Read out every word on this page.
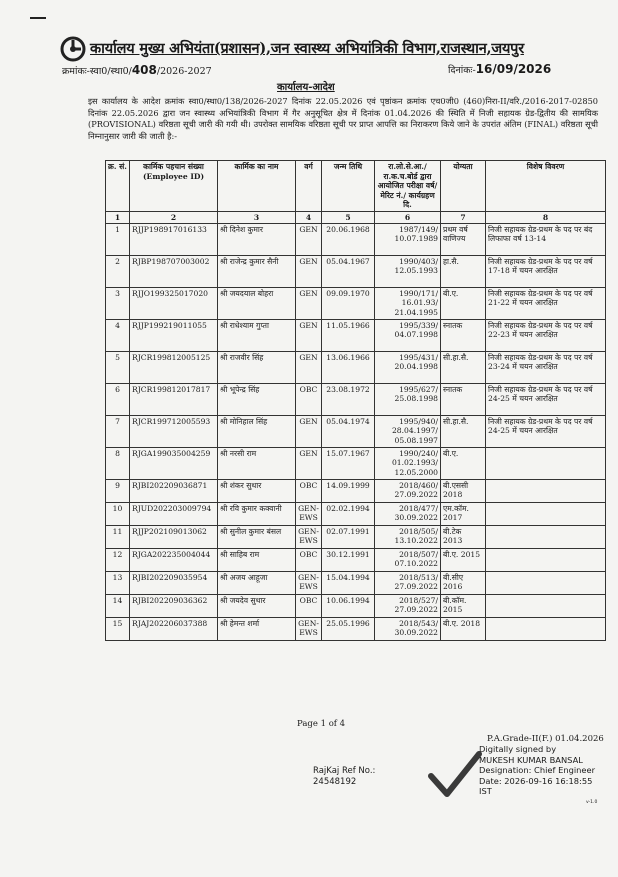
कार्यालय मुख्य अभियंता(प्रशासन),जन स्वास्थ्य अभियांत्रिकी विभाग,राजस्थान,जयपुर
क्रमांकः-स्वा0/स्था0/408/2026-2027	दिनांकः-16/09/2026
कार्यालय-आदेश
इस कार्यालय के आदेश क्रमांक स्वा0/स्था0/138/2026-2027 दिनांक 22.05.2026 एवं पृष्ठांकन क्रमांक एच0जी0 (460)निरा-II/वरि./2016-2017-02850 दिनांक 22.05.2026 द्वारा जन स्वास्थ्य अभियांत्रिकी विभाग में गैर अनुसूचित क्षेत्र में दिनांक 01.04.2026 की स्थिति में निजी सहायक ग्रेड-द्वितीय की सामयिक (PROVISIONAL) वरिष्ठता सूची जारी की गयी थी। उपरोक्त सामयिक वरिष्ठता सूची पर प्राप्त आपत्ति का निराकरण किये जाने के उपरांत अंतिम (FINAL) वरिष्ठता सूची निम्नानुसार जारी की जाती है:-
क्र. सं.	कार्मिक पहचान संख्या (Employee ID)	कार्मिक का नाम	वर्ग	जन्म तिथि	रा.लो.से.आ./ रा.क.च.बोर्ड द्वारा आयोजित परीक्षा वर्ष/ मेरिट नं./ कार्यग्रहण दि.	योग्यता	विशेष विवरण
1	2	3	4	5	6	7	8
1	RJJP198917016133	श्री दिनेश कुमार	GEN	20.06.1968	1987/149/ 10.07.1989	प्रथम वर्ष वाणिज्य	निजी सहायक ग्रेड-प्रथम के पद पर बंद लिफाफा वर्ष 13-14
2	RJBP198707003002	श्री राजेन्द्र कुमार सैनी	GEN	05.04.1967	1990/403/ 12.05.1993	हा.सै.	निजी सहायक ग्रेड-प्रथम के पद पर वर्ष 17-18 में चयन आरक्षित
3	RJJO199325017020	श्री जयदयाल बोहरा	GEN	09.09.1970	1990/171/ 16.01.93/ 21.04.1995	बी.ए.	निजी सहायक ग्रेड-प्रथम के पद पर वर्ष 21-22 में चयन आरक्षित
4	RJJP199219011055	श्री राधेश्याम गुप्ता	GEN	11.05.1966	1995/339/ 04.07.1998	स्नातक	निजी सहायक ग्रेड-प्रथम के पद पर वर्ष 22-23 में चयन आरक्षित
5	RJCR199812005125	श्री राजवीर सिंह	GEN	13.06.1966	1995/431/ 20.04.1998	सी.हा.सै.	निजी सहायक ग्रेड-प्रथम के पद पर वर्ष 23-24 में चयन आरक्षित
6	RJCR199812017817	श्री भूपेन्द्र सिंह	OBC	23.08.1972	1995/627/ 25.08.1998	स्नातक	निजी सहायक ग्रेड-प्रथम के पद पर वर्ष 24-25 में चयन आरक्षित
7	RJCR199712005593	श्री मोनिहाल सिंह	GEN	05.04.1974	1995/940/ 28.04.1997/ 05.08.1997	सी.हा.सै.	निजी सहायक ग्रेड-प्रथम के पद पर वर्ष 24-25 में चयन आरक्षित
8	RJGA199035004259	श्री नरसी राम	GEN	15.07.1967	1990/240/ 01.02.1993/ 12.05.2000	बी.ए.	
9	RJBI202209036871	श्री शंकर सुथार	OBC	14.09.1999	2018/460/ 27.09.2022	बी.एससी 2018	
10	RJUD202203009794	श्री रवि कुमार कक्वानी	GEN-EWS	02.02.1994	2018/477/ 30.09.2022	एम.कॉम. 2017	
11	RJJP202109013062	श्री सुनील कुमार बंसल	GEN-EWS	02.07.1991	2018/505/ 13.10.2022	बी.टेक 2013	
12	RJGA202235004044	श्री साहिब राम	OBC	30.12.1991	2018/507/ 07.10.2022	बी.ए. 2015	
13	RJBI202209035954	श्री अजय आहूजा	GEN-EWS	15.04.1994	2018/513/ 27.09.2022	बी.सीए 2016	
14	RJBI202209036362	श्री जयदेव सुथार	OBC	10.06.1994	2018/527/ 27.09.2022	बी.कॉम. 2015	
15	RJAJ202206037388	श्री हेमन्त शर्मा	GEN-EWS	25.05.1996	2018/543/ 30.09.2022	बी.ए. 2018	
Page 1 of 4
P.A.Grade-II(F.) 01.04.2026
Digitally signed by
MUKESH KUMAR BANSAL
Designation: Chief Engineer
Date: 2026-09-16 16:18:55
IST
RajKaj Ref No.:
24548192
v-1.0
